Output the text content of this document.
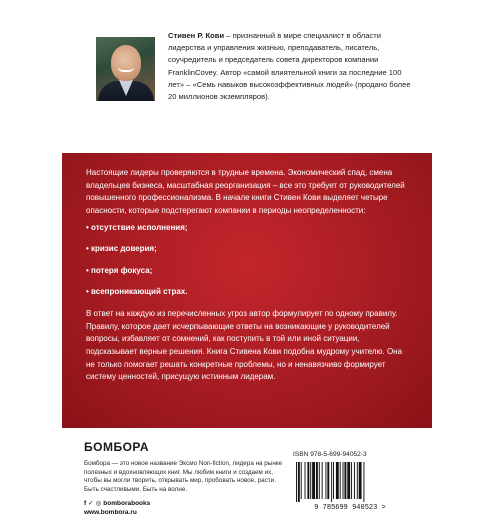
Стивен Р. Кови – признанный в мире специалист в области лидерства и управления жизнью, преподаватель, писатель, соучредитель и председатель совета директоров компании FranklinCovey. Автор «самой влиятельной книги за последние 100 лет» – «Семь навыков высокоэффективных людей» (продано более 20 миллионов экземпляров).

Настоящие лидеры проверяются в трудные времена. Экономический спад, смена владельцев бизнеса, масштабная реорганизация – все это требует от руководителей повышенного профессионализма. В начале книги Стивен Кови выделяет четыре опасности, которые подстерегают компании в периоды неопределенности:

• отсутствие исполнения;
• кризис доверия;
• потеря фокуса;
• всепроникающий страх.

В ответ на каждую из перечисленных угроз автор формулирует по одному правилу. Правилу, которое дает исчерпывающие ответы на возникающие у руководителей вопросы, избавляет от сомнений, как поступить в той или иной ситуации, подсказывает верные решения. Книга Стивена Кови подобна мудрому учителю. Она не только помогает решать конкретные проблемы, но и ненавязчиво формирует систему ценностей, присущую истинным лидерам.

БОМБОРА
Бомбора — это новое название Эксмо Non-fiction, лидера на рынке полезных и вдохновляющих книг. Мы любим книги и создаем их, чтобы вы могли творить, открывать мир, пробовать новое, расти. Быть счастливыми. Быть на волне.
f ✓ ◎ bomborabooks
www.bombora.ru
ISBN 978-5-699-94052-3
9 785699 940523 >
